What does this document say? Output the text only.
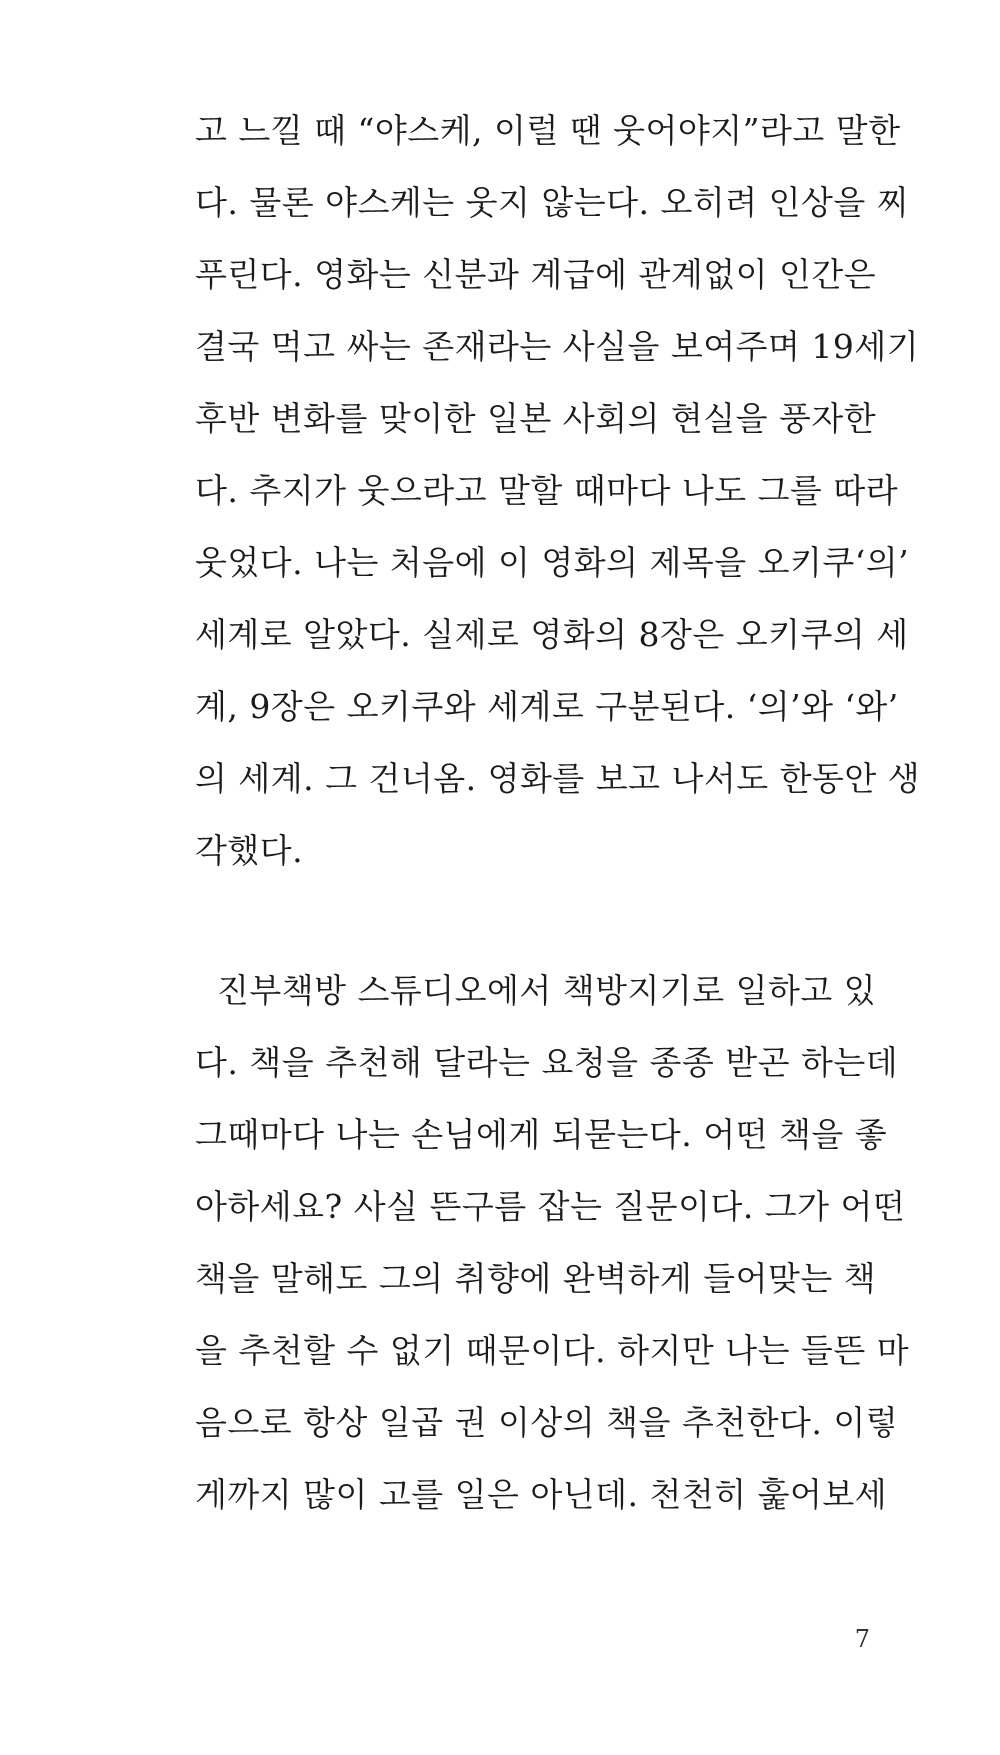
고 느낄 때 “야스케, 이럴 땐 웃어야지”라고 말한
다. 물론 야스케는 웃지 않는다. 오히려 인상을 찌
푸린다. 영화는 신분과 계급에 관계없이 인간은
결국 먹고 싸는 존재라는 사실을 보여주며 19세기
후반 변화를 맞이한 일본 사회의 현실을 풍자한
다. 추지가 웃으라고 말할 때마다 나도 그를 따라
웃었다. 나는 처음에 이 영화의 제목을 오키쿠‘의’
세계로 알았다. 실제로 영화의 8장은 오키쿠의 세
계, 9장은 오키쿠와 세계로 구분된다. ‘의’와 ‘와’
의 세계. 그 건너옴. 영화를 보고 나서도 한동안 생
각했다.
진부책방 스튜디오에서 책방지기로 일하고 있
다. 책을 추천해 달라는 요청을 종종 받곤 하는데
그때마다 나는 손님에게 되묻는다. 어떤 책을 좋
아하세요? 사실 뜬구름 잡는 질문이다. 그가 어떤
책을 말해도 그의 취향에 완벽하게 들어맞는 책
을 추천할 수 없기 때문이다. 하지만 나는 들뜬 마
음으로 항상 일곱 권 이상의 책을 추천한다. 이렇
게까지 많이 고를 일은 아닌데. 천천히 훑어보세
7
